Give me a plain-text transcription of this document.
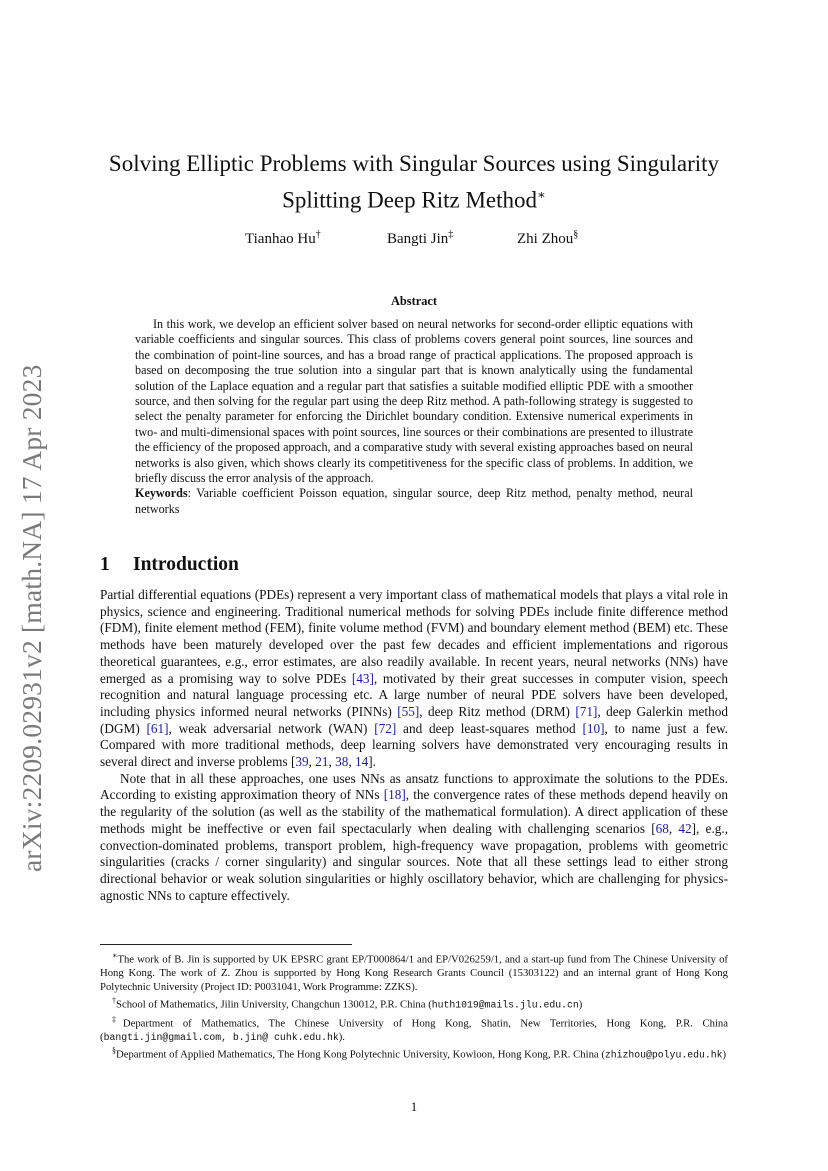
arXiv:2209.02931v2 [math.NA] 17 Apr 2023
Solving Elliptic Problems with Singular Sources using Singularity
Splitting Deep Ritz Method∗
Tianhao Hu†	Bangti Jin‡	Zhi Zhou§
Abstract

In this work, we develop an efficient solver based on neural networks for second-order elliptic equations with variable coefficients and singular sources. This class of problems covers general point sources, line sources and the combination of point-line sources, and has a broad range of practical applications. The proposed approach is based on decomposing the true solution into a singular part that is known analytically using the fundamental solution of the Laplace equation and a regular part that satisfies a suitable modified elliptic PDE with a smoother source, and then solving for the regular part using the deep Ritz method. A path-following strategy is suggested to select the penalty parameter for enforcing the Dirichlet boundary condition. Extensive numerical experiments in two- and multi-dimensional spaces with point sources, line sources or their combinations are presented to illustrate the efficiency of the proposed approach, and a comparative study with several existing approaches based on neural networks is also given, which shows clearly its competitiveness for the specific class of problems. In addition, we briefly discuss the error analysis of the approach.

Keywords: Variable coefficient Poisson equation, singular source, deep Ritz method, penalty method, neural networks

1 Introduction

Partial differential equations (PDEs) represent a very important class of mathematical models that plays a vital role in physics, science and engineering. Traditional numerical methods for solving PDEs include finite difference method (FDM), finite element method (FEM), finite volume method (FVM) and boundary element method (BEM) etc. These methods have been maturely developed over the past few decades and efficient implementations and rigorous theoretical guarantees, e.g., error estimates, are also readily available. In recent years, neural networks (NNs) have emerged as a promising way to solve PDEs [43], motivated by their great successes in computer vision, speech recognition and natural language processing etc. A large number of neural PDE solvers have been developed, including physics informed neural networks (PINNs) [55], deep Ritz method (DRM) [71], deep Galerkin method (DGM) [61], weak adversarial network (WAN) [72] and deep least-squares method [10], to name just a few. Compared with more traditional methods, deep learning solvers have demonstrated very encouraging results in several direct and inverse problems [39, 21, 38, 14].

Note that in all these approaches, one uses NNs as ansatz functions to approximate the solutions to the PDEs. According to existing approximation theory of NNs [18], the convergence rates of these methods depend heavily on the regularity of the solution (as well as the stability of the mathematical formulation). A direct application of these methods might be ineffective or even fail spectacularly when dealing with challenging scenarios [68, 42], e.g., convection-dominated problems, transport problem, high-frequency wave propagation, problems with geometric singularities (cracks / corner singularity) and singular sources. Note that all these settings lead to either strong directional behavior or weak solution singularities or highly oscillatory behavior, which are challenging for physics-agnostic NNs to capture effectively.

∗The work of B. Jin is supported by UK EPSRC grant EP/T000864/1 and EP/V026259/1, and a start-up fund from The Chinese University of Hong Kong. The work of Z. Zhou is supported by Hong Kong Research Grants Council (15303122) and an internal grant of Hong Kong Polytechnic University (Project ID: P0031041, Work Programme: ZZKS).

†School of Mathematics, Jilin University, Changchun 130012, P.R. China (huth1019@mails.jlu.edu.cn)

‡Department of Mathematics, The Chinese University of Hong Kong, Shatin, New Territories, Hong Kong, P.R. China (bangti.jin@gmail.com, b.jin@ cuhk.edu.hk).

§Department of Applied Mathematics, The Hong Kong Polytechnic University, Kowloon, Hong Kong, P.R. China (zhizhou@polyu.edu.hk)

1
